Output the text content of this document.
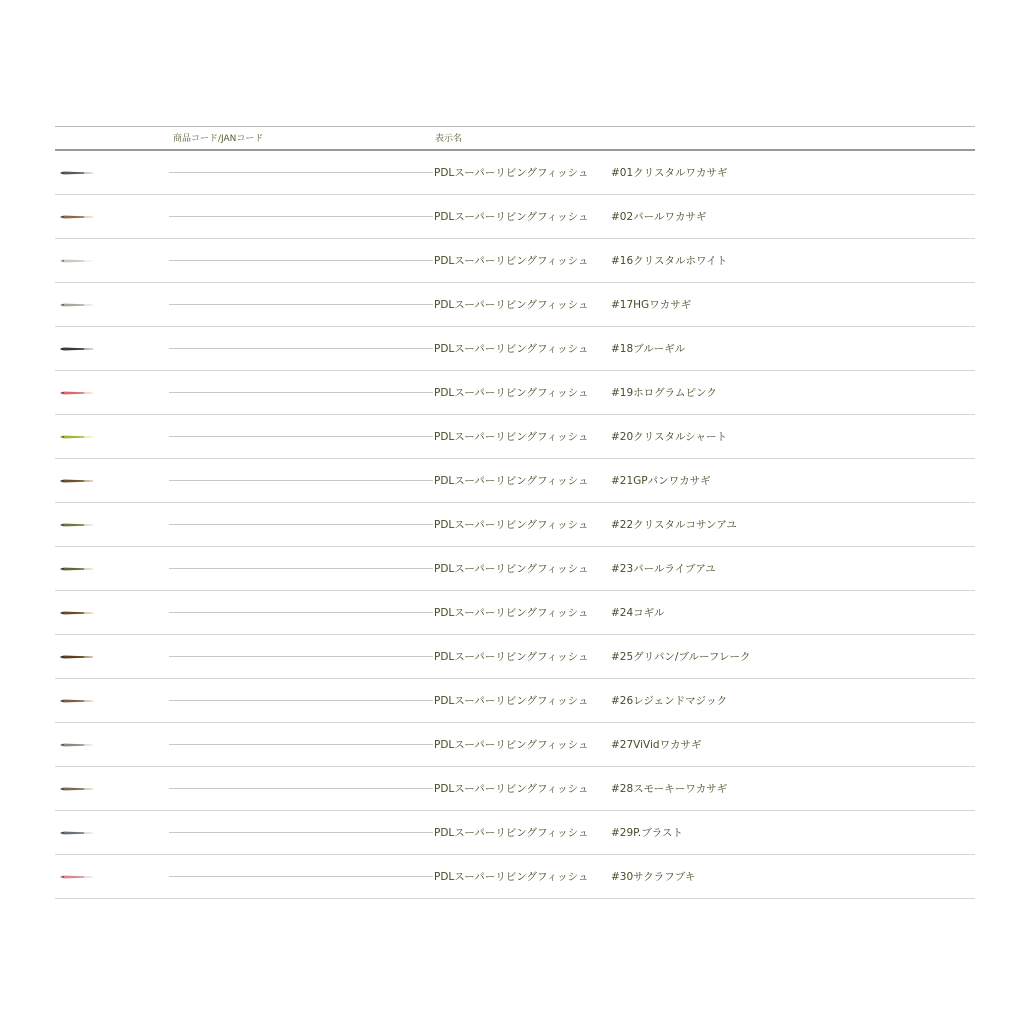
商品コード/JANコード	表示名
PDLスーパーリビングフィッシュ #01クリスタルワカサギ
PDLスーパーリビングフィッシュ #02パールワカサギ
PDLスーパーリビングフィッシュ #16クリスタルホワイト
PDLスーパーリビングフィッシュ #17HGワカサギ
PDLスーパーリビングフィッシュ #18ブルーギル
PDLスーパーリビングフィッシュ #19ホログラムピンク
PDLスーパーリビングフィッシュ #20クリスタルシャート
PDLスーパーリビングフィッシュ #21GPパンワカサギ
PDLスーパーリビングフィッシュ #22クリスタルコサンアユ
PDLスーパーリビングフィッシュ #23パールライブアユ
PDLスーパーリビングフィッシュ #24コギル
PDLスーパーリビングフィッシュ #25グリパン/ブルーフレーク
PDLスーパーリビングフィッシュ #26レジェンドマジック
PDLスーパーリビングフィッシュ #27ViVidワカサギ
PDLスーパーリビングフィッシュ #28スモーキーワカサギ
PDLスーパーリビングフィッシュ #29P.ブラスト
PDLスーパーリビングフィッシュ #30サクラフブキ
